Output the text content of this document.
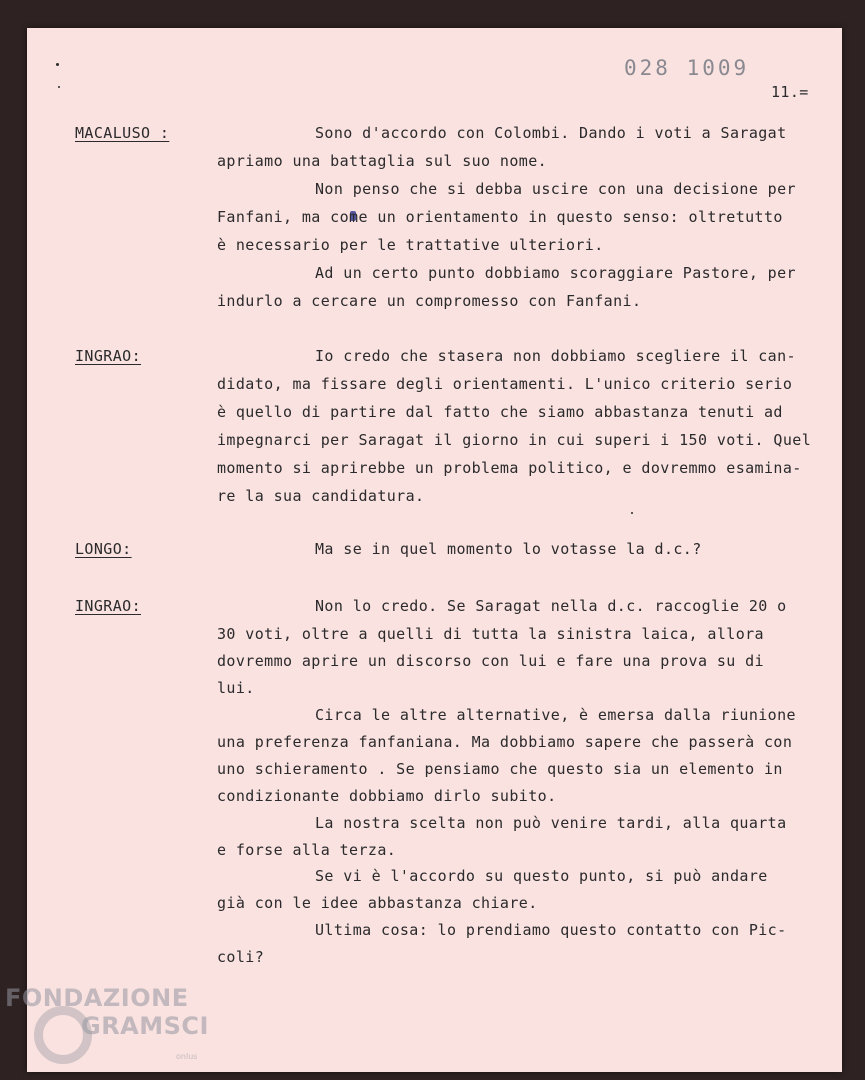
028 1009
11.=
MACALUSO :	Sono d'accordo con Colombi. Dando i voti a Saragat
apriamo una battaglia sul suo nome.
Non penso che si debba uscire con una decisione per
Fanfani, ma come un orientamento in questo senso: oltretutto
è necessario per le trattative ulteriori.
Ad un certo punto dobbiamo scoraggiare Pastore, per
indurlo a cercare un compromesso con Fanfani.
INGRAO:	Io credo che stasera non dobbiamo scegliere il can-
didato, ma fissare degli orientamenti. L'unico criterio serio
è quello di partire dal fatto che siamo abbastanza tenuti ad
impegnarci per Saragat il giorno in cui superi i 150 voti. Quel
momento si aprirebbe un problema politico, e dovremmo esamina-
re la sua candidatura.
LONGO:	Ma se in quel momento lo votasse la d.c.?
INGRAO:	Non lo credo. Se Saragat nella d.c. raccoglie 20 o
30 voti, oltre a quelli di tutta la sinistra laica, allora
dovremmo aprire un discorso con lui e fare una prova su di
lui.
Circa le altre alternative, è emersa dalla riunione
una preferenza fanfaniana. Ma dobbiamo sapere che passerà con
uno schieramento . Se pensiamo che questo sia un elemento in
condizionante dobbiamo dirlo subito.
La nostra scelta non può venire tardi, alla quarta
e forse alla terza.
Se vi è l'accordo su questo punto, si può andare
già con le idee abbastanza chiare.
Ultima cosa: lo prendiamo questo contatto con Pic-
coli?
FONDAZIONE
GRAMSCI
onlus
